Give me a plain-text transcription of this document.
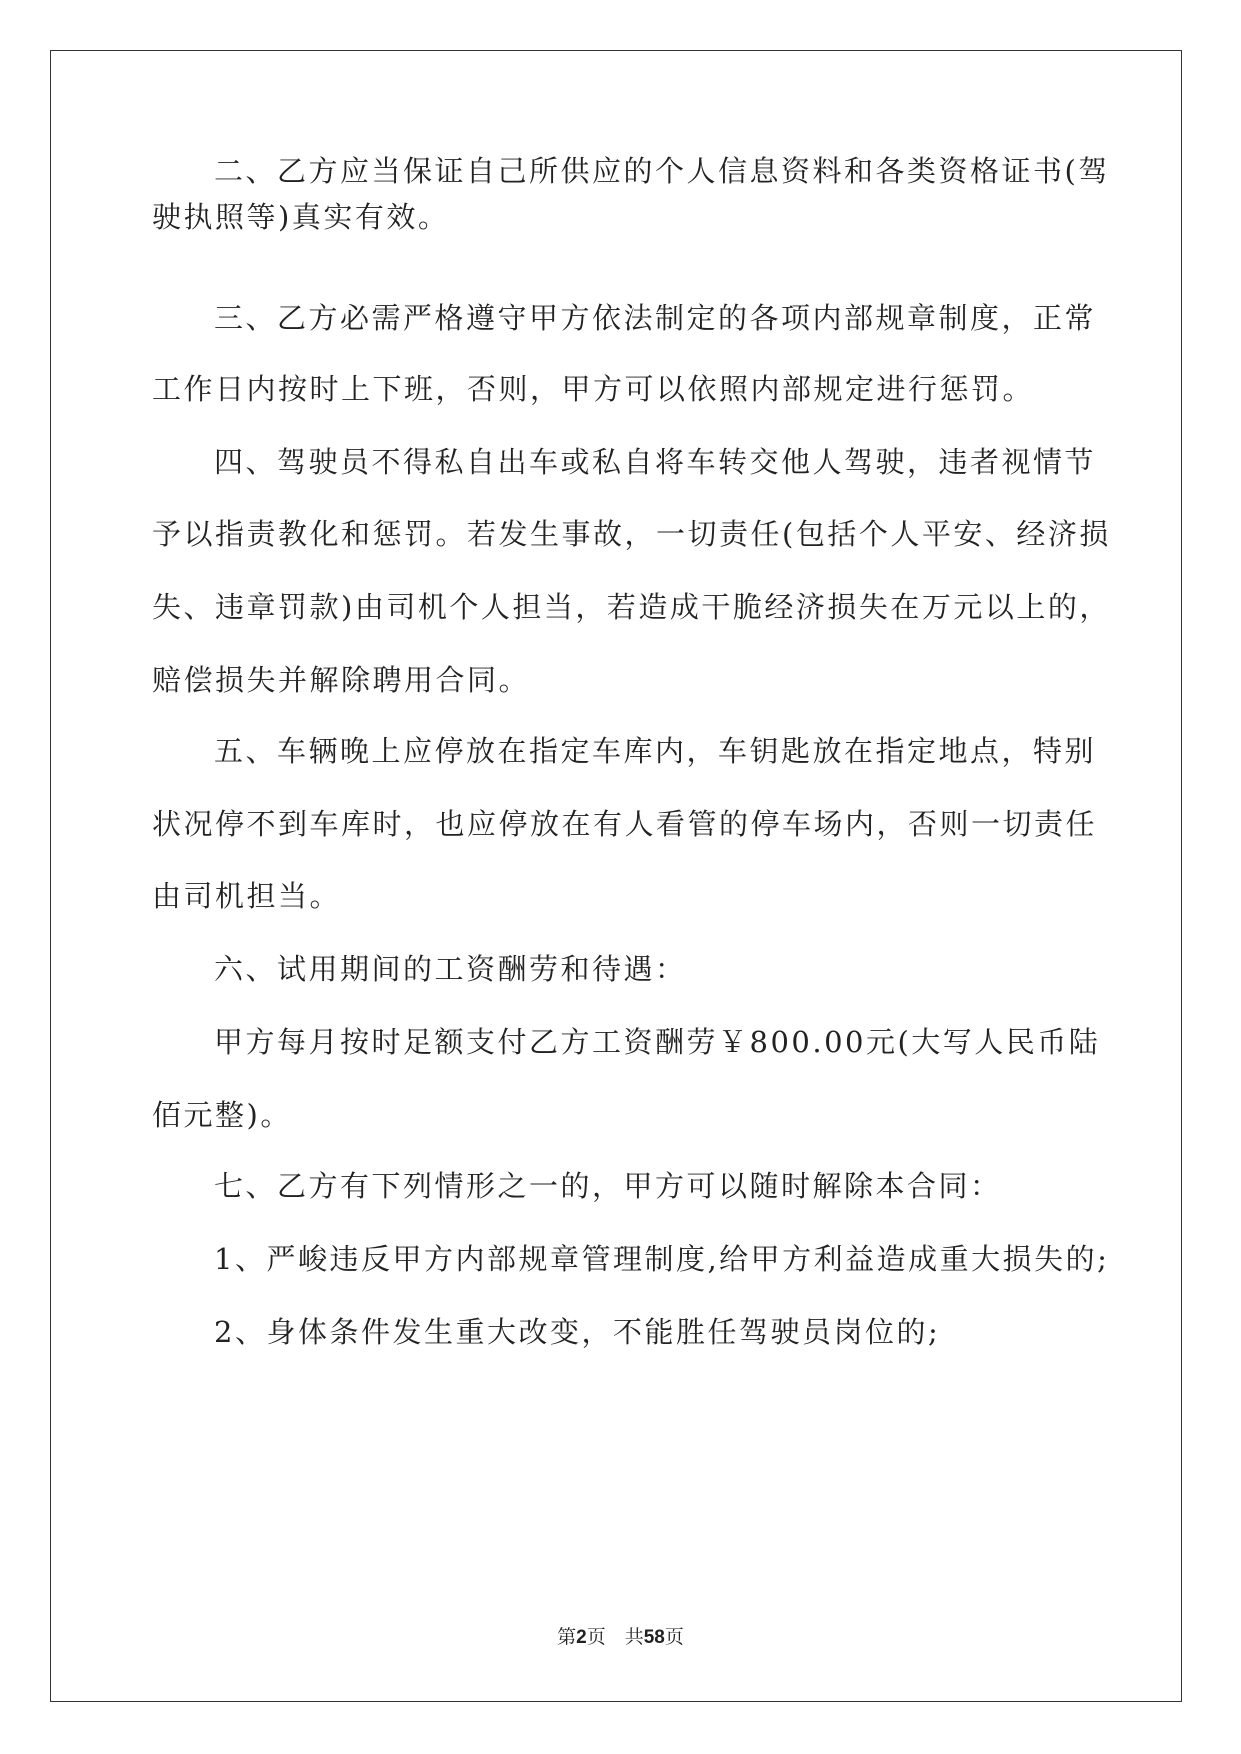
二、乙方应当保证自己所供应的个人信息资料和各类资格证书(驾

驶执照等)真实有效。

三、乙方必需严格遵守甲方依法制定的各项内部规章制度，正常

工作日内按时上下班，否则，甲方可以依照内部规定进行惩罚。

四、驾驶员不得私自出车或私自将车转交他人驾驶，违者视情节

予以指责教化和惩罚。若发生事故，一切责任(包括个人平安、经济损

失、违章罚款)由司机个人担当，若造成干脆经济损失在万元以上的，

赔偿损失并解除聘用合同。

五、车辆晚上应停放在指定车库内，车钥匙放在指定地点，特别

状况停不到车库时，也应停放在有人看管的停车场内，否则一切责任

由司机担当。

六、试用期间的工资酬劳和待遇：

甲方每月按时足额支付乙方工资酬劳￥800.00元(大写人民币陆

佰元整)。

七、乙方有下列情形之一的，甲方可以随时解除本合同：

1、严峻违反甲方内部规章管理制度,给甲方利益造成重大损失的;

2、身体条件发生重大改变，不能胜任驾驶员岗位的;

第2页　共58页
